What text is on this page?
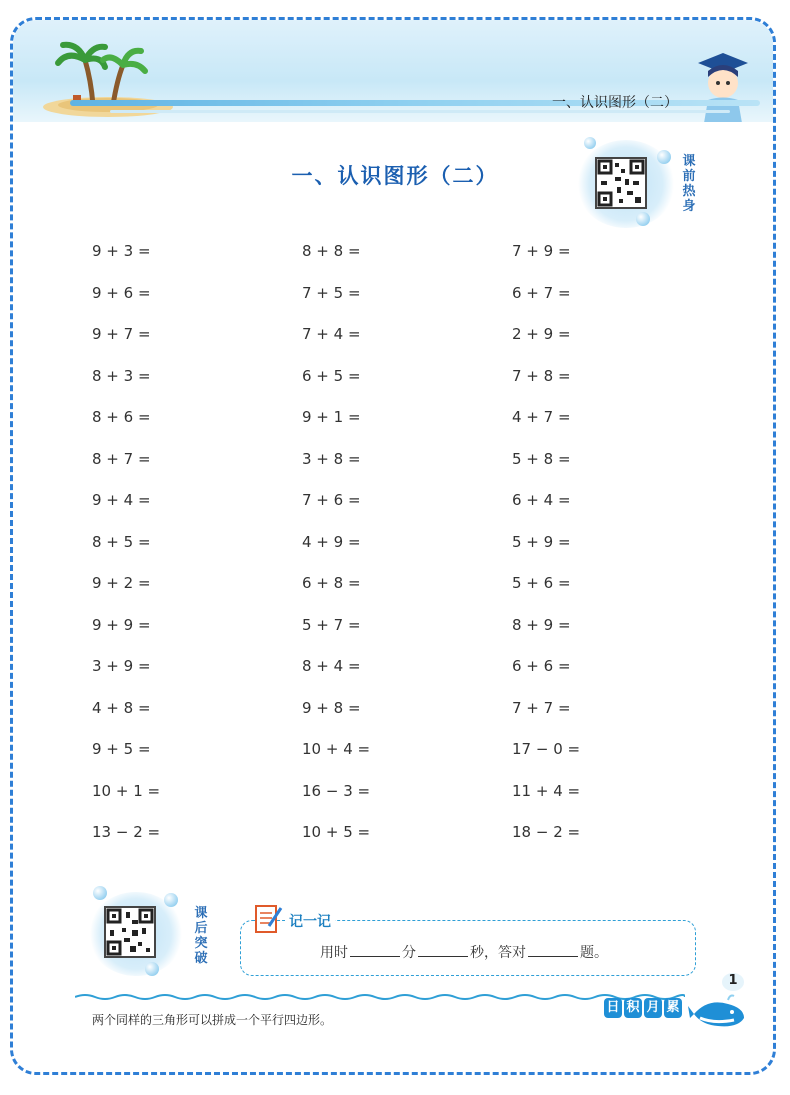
一、认识图形（二）
一、认识图形（二）
课
前
热
身
9 + 3 =
9 + 6 =
9 + 7 =
8 + 3 =
8 + 6 =
8 + 7 =
9 + 4 =
8 + 5 =
9 + 2 =
9 + 9 =
3 + 9 =
4 + 8 =
9 + 5 =
10 + 1 =
13 − 2 =
8 + 8 =
7 + 5 =
7 + 4 =
6 + 5 =
9 + 1 =
3 + 8 =
7 + 6 =
4 + 9 =
6 + 8 =
5 + 7 =
8 + 4 =
9 + 8 =
10 + 4 =
16 − 3 =
10 + 5 =
7 + 9 =
6 + 7 =
2 + 9 =
7 + 8 =
4 + 7 =
5 + 8 =
6 + 4 =
5 + 9 =
5 + 6 =
8 + 9 =
6 + 6 =
7 + 7 =
17 − 0 =
11 + 4 =
18 − 2 =
课
后
突
破
记一记
用时	分	秒，答对	题。
两个同样的三角形可以拼成一个平行四边形。
日 积 月 累
1
